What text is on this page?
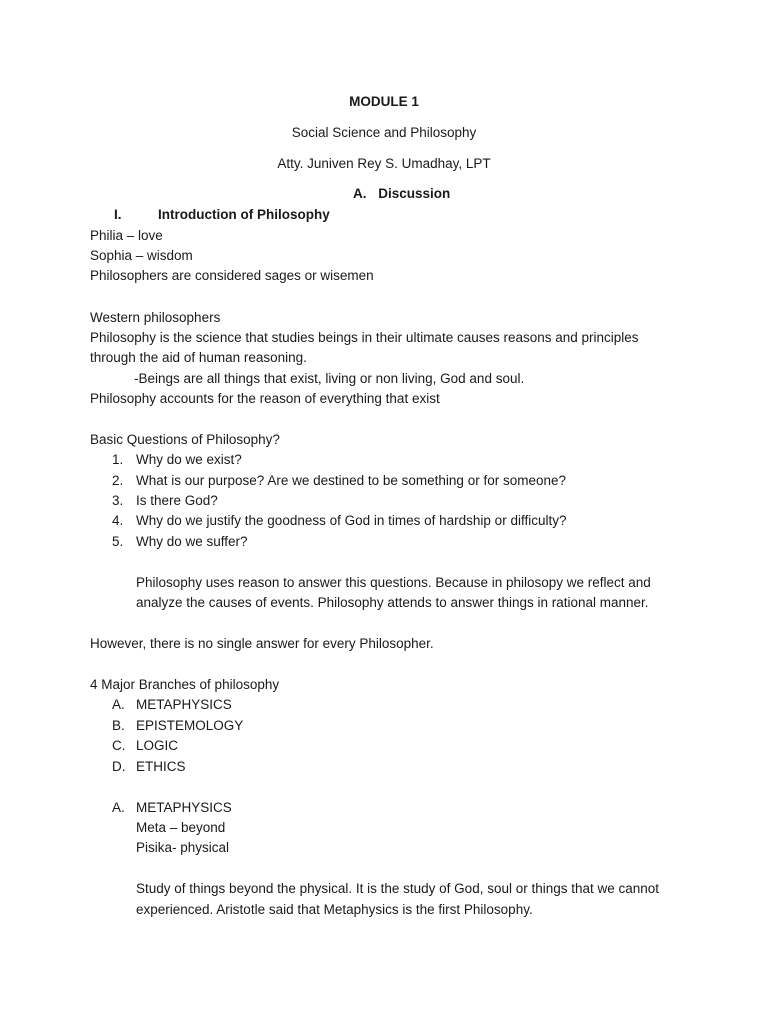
MODULE 1
Social Science and Philosophy
Atty. Juniven Rey S. Umadhay, LPT
A. Discussion
I.	Introduction of Philosophy
Philia – love
Sophia – wisdom
Philosophers are considered sages or wisemen
Western philosophers
Philosophy is the science that studies beings in their ultimate causes reasons and principles
through the aid of human reasoning.
-Beings are all things that exist, living or non living, God and soul.
Philosophy accounts for the reason of everything that exist
Basic Questions of Philosophy?
1. Why do we exist?
2. What is our purpose? Are we destined to be something or for someone?
3. Is there God?
4. Why do we justify the goodness of God in times of hardship or difficulty?
5. Why do we suffer?
Philosophy uses reason to answer this questions. Because in philosopy we reflect and
analyze the causes of events. Philosophy attends to answer things in rational manner.
However, there is no single answer for every Philosopher.
4 Major Branches of philosophy
A. METAPHYSICS
B. EPISTEMOLOGY
C. LOGIC
D. ETHICS
A. METAPHYSICS
Meta – beyond
Pisika- physical
Study of things beyond the physical. It is the study of God, soul or things that we cannot
experienced. Aristotle said that Metaphysics is the first Philosophy.
